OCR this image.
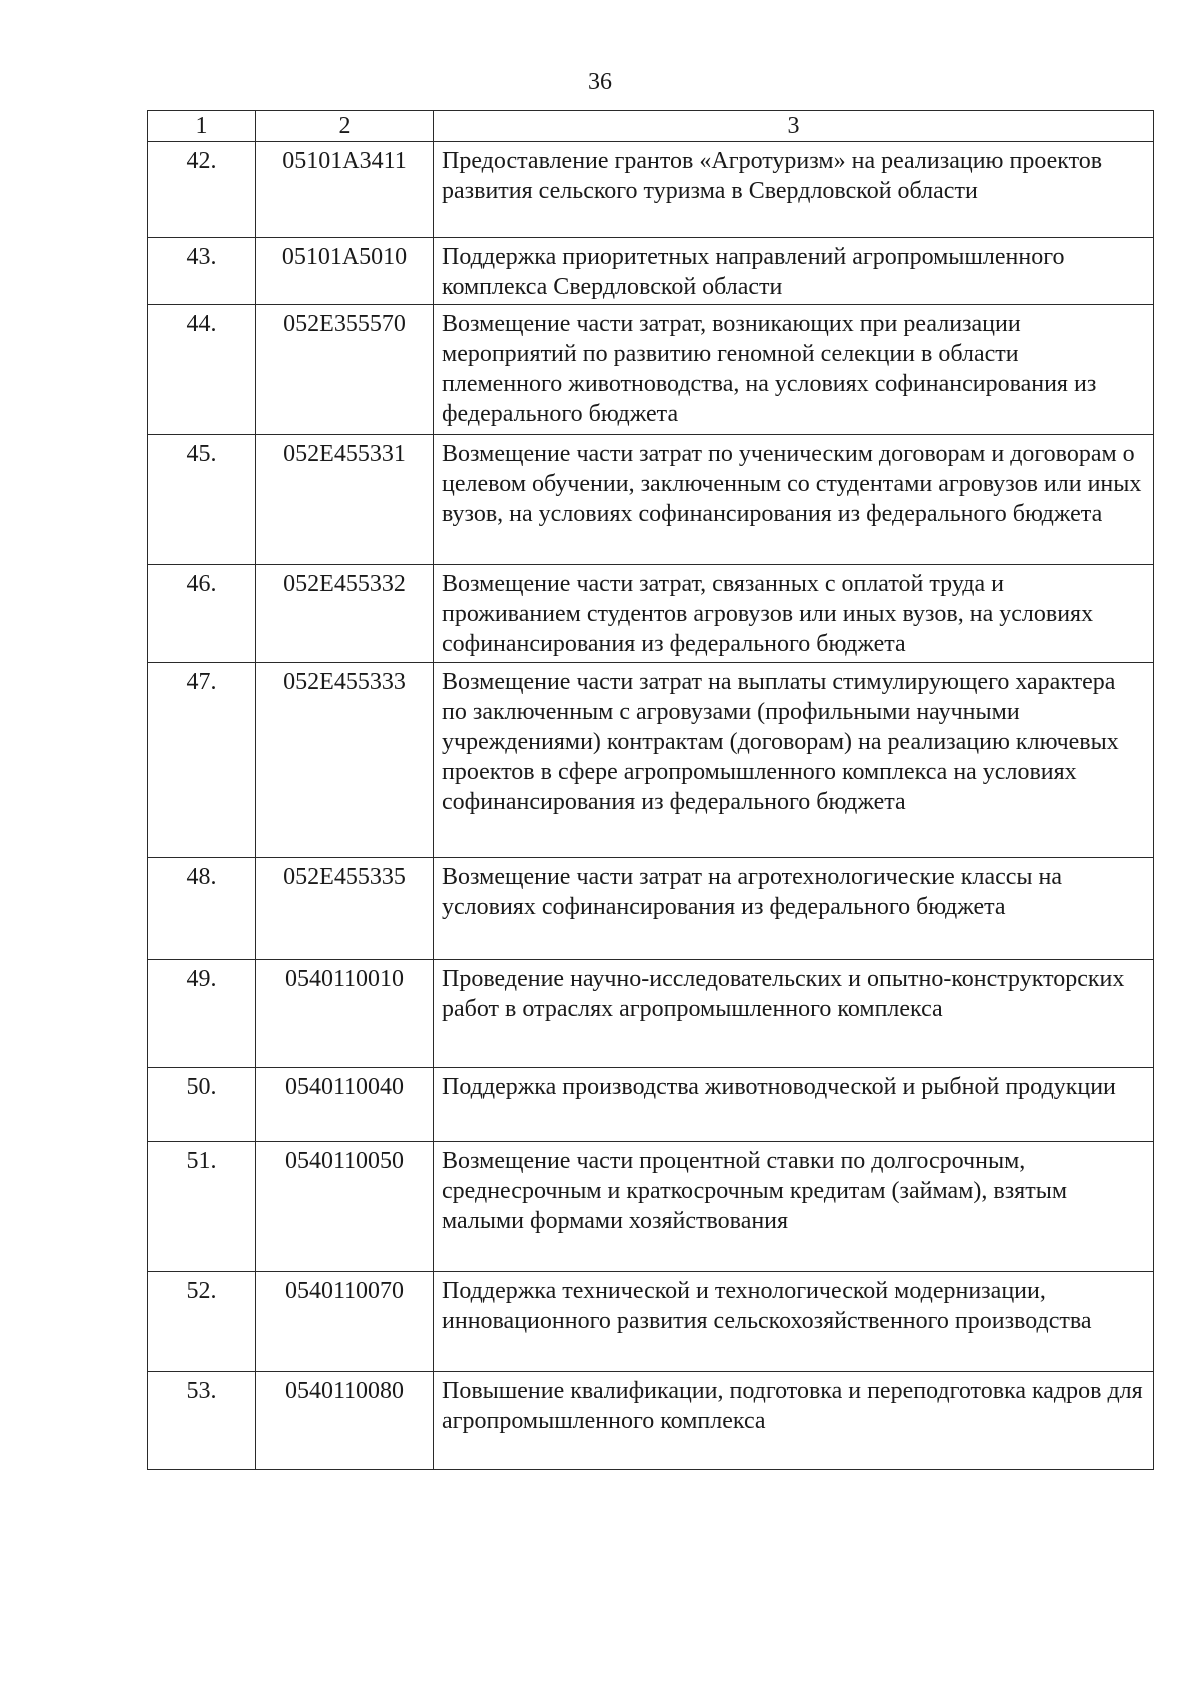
36
1	2	3
42.	05101A3411	Предоставление грантов «Агротуризм» на реализацию проектов развития сельского туризма в Свердловской области
43.	05101A5010	Поддержка приоритетных направлений агропромышленного комплекса Свердловской области
44.	052E355570	Возмещение части затрат, возникающих при реализации мероприятий по развитию геномной селекции в области племенного животноводства, на условиях софинансирования из федерального бюджета
45.	052E455331	Возмещение части затрат по ученическим договорам и договорам о целевом обучении, заключенным со студентами агровузов или иных вузов, на условиях софинансирования из федерального бюджета
46.	052E455332	Возмещение части затрат, связанных с оплатой труда и проживанием студентов агровузов или иных вузов, на условиях софинансирования из федерального бюджета
47.	052E455333	Возмещение части затрат на выплаты стимулирующего характера по заключенным с агровузами (профильными научными учреждениями) контрактам (договорам) на реализацию ключевых проектов в сфере агропромышленного комплекса на условиях софинансирования из федерального бюджета
48.	052E455335	Возмещение части затрат на агротехнологические классы на условиях софинансирования из федерального бюджета
49.	0540110010	Проведение научно-исследовательских и опытно-конструкторских работ в отраслях агропромышленного комплекса
50.	0540110040	Поддержка производства животноводческой и рыбной продукции
51.	0540110050	Возмещение части процентной ставки по долгосрочным, среднесрочным и краткосрочным кредитам (займам), взятым малыми формами хозяйствования
52.	0540110070	Поддержка технической и технологической модернизации, инновационного развития сельскохозяйственного производства
53.	0540110080	Повышение квалификации, подготовка и переподготовка кадров для агропромышленного комплекса
